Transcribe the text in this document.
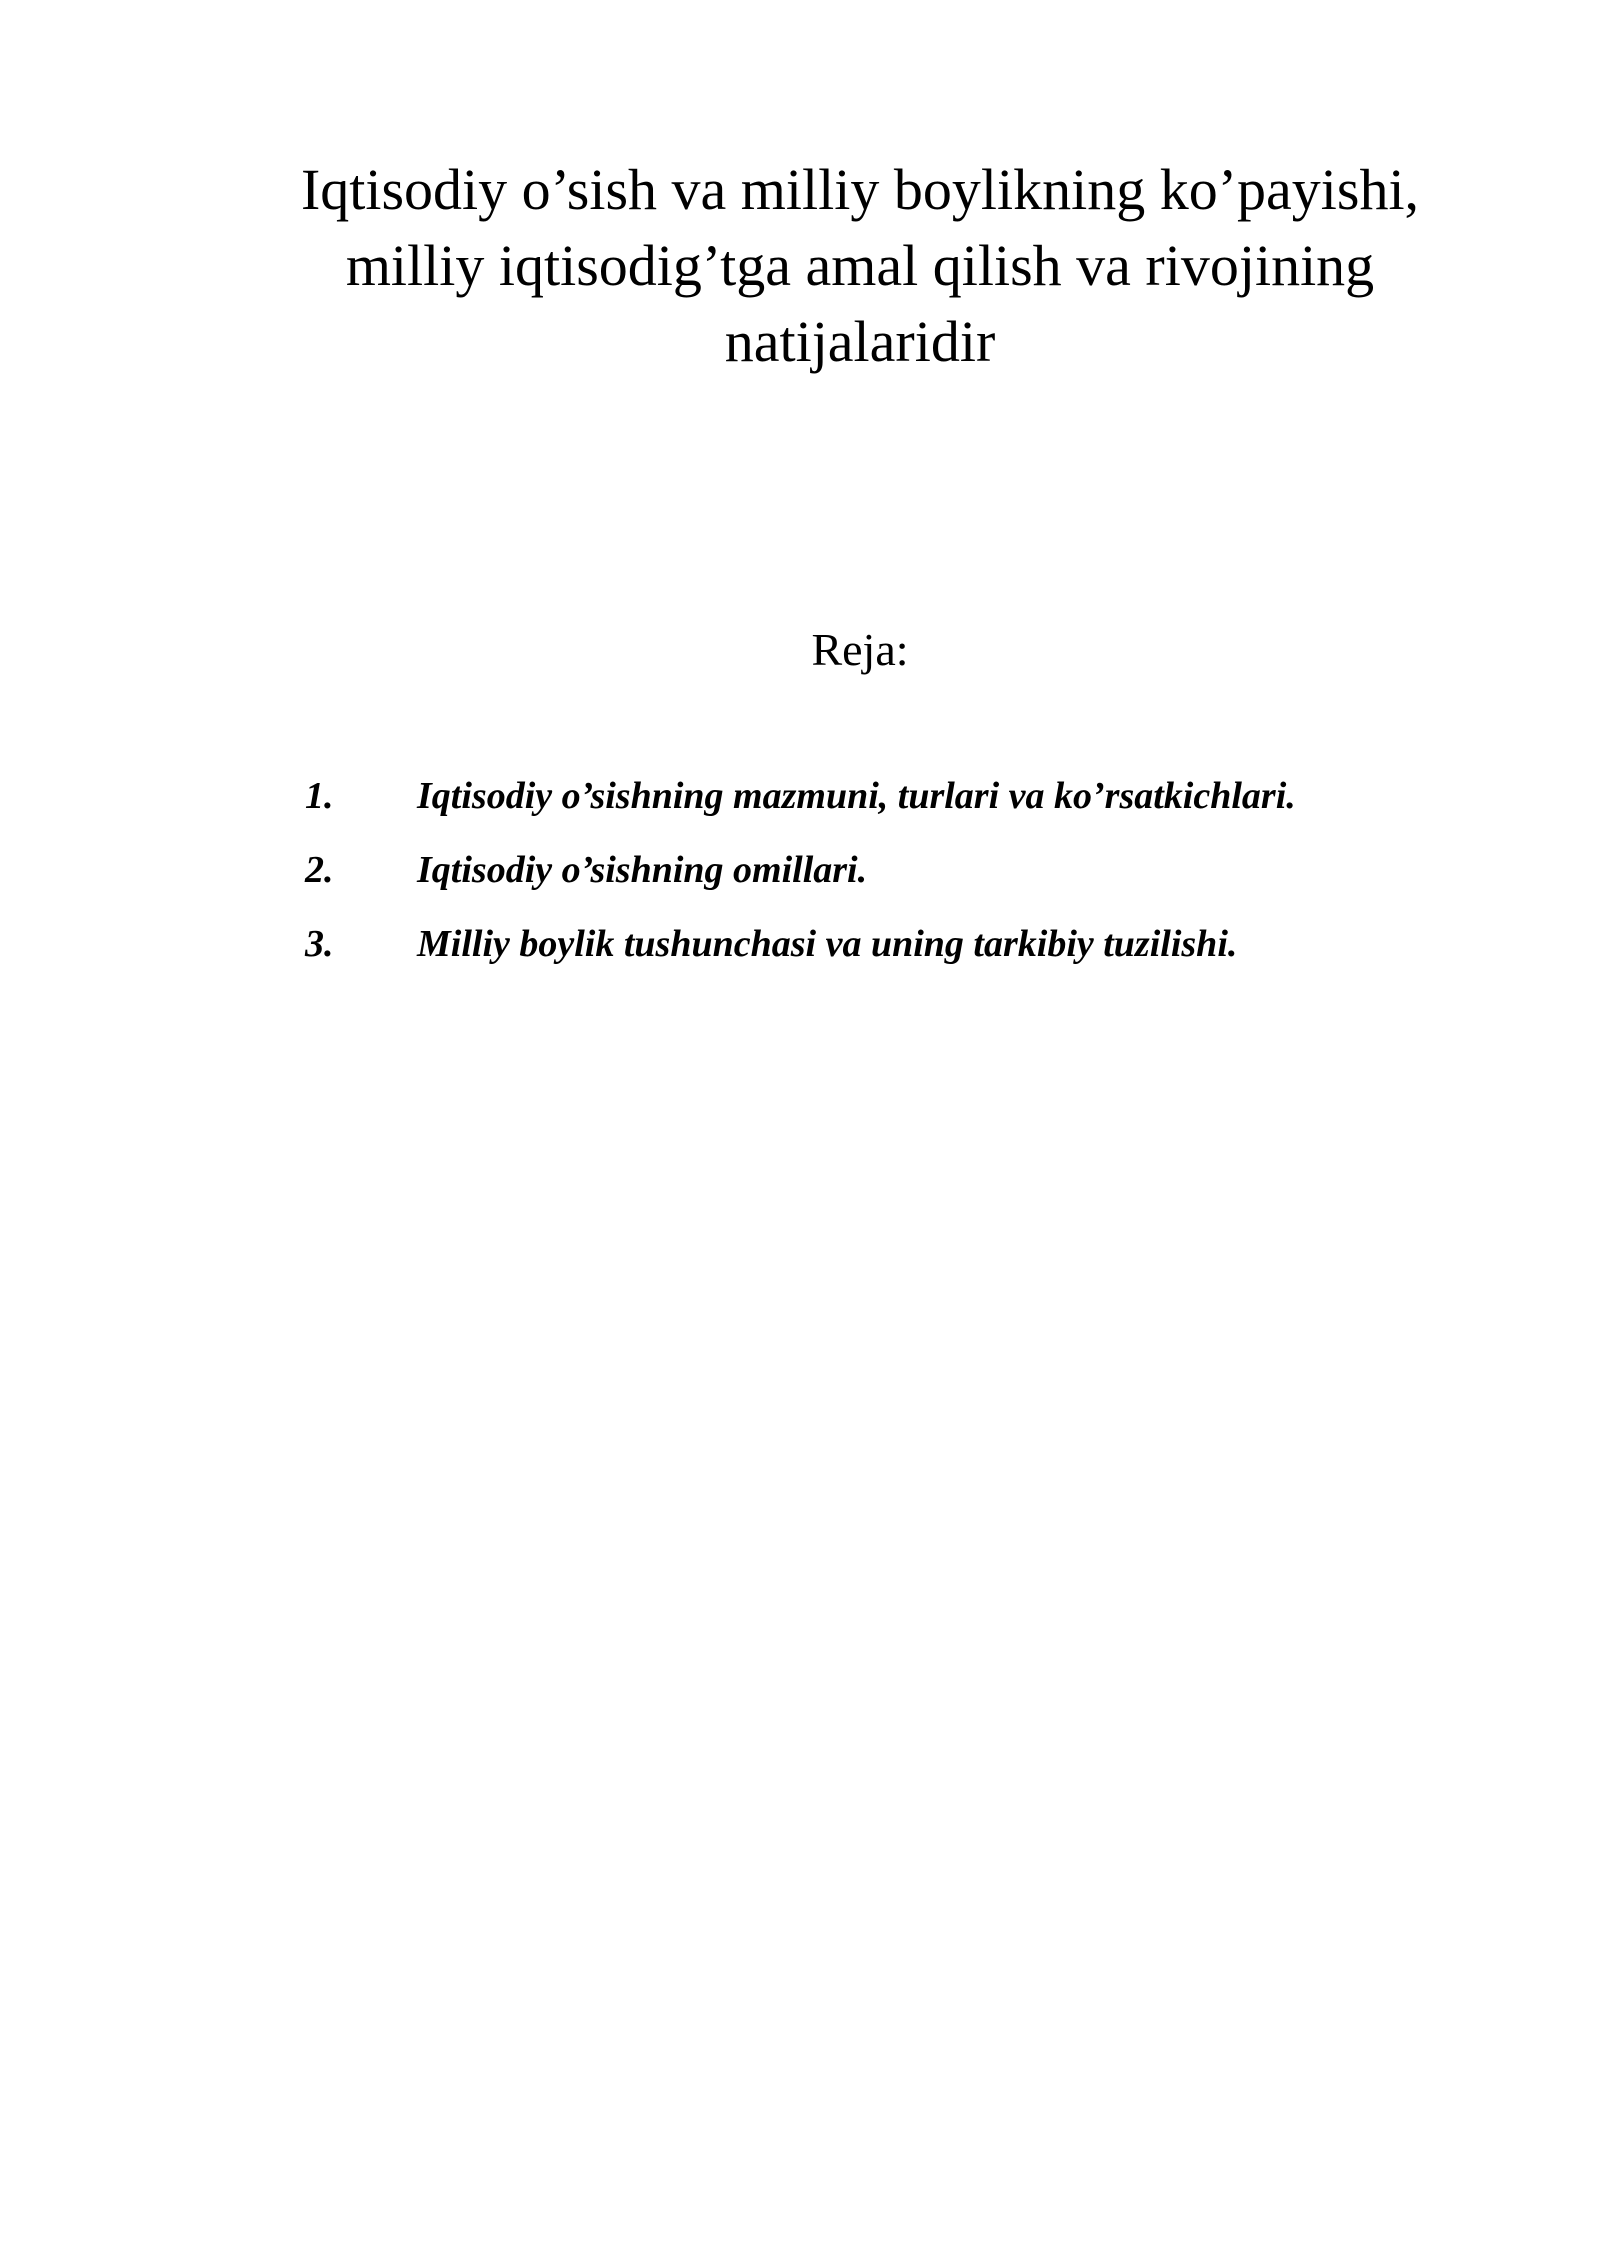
Iqtisodiy o’sish va milliy boylikning ko’payishi,
milliy iqtisodig’tga amal qilish va rivojining
natijalaridir
Reja:
1.	Iqtisodiy o’sishning mazmuni, turlari va ko’rsatkichlari.
2.	Iqtisodiy o’sishning omillari.
3.	Milliy boylik tushunchasi va uning tarkibiy tuzilishi.
